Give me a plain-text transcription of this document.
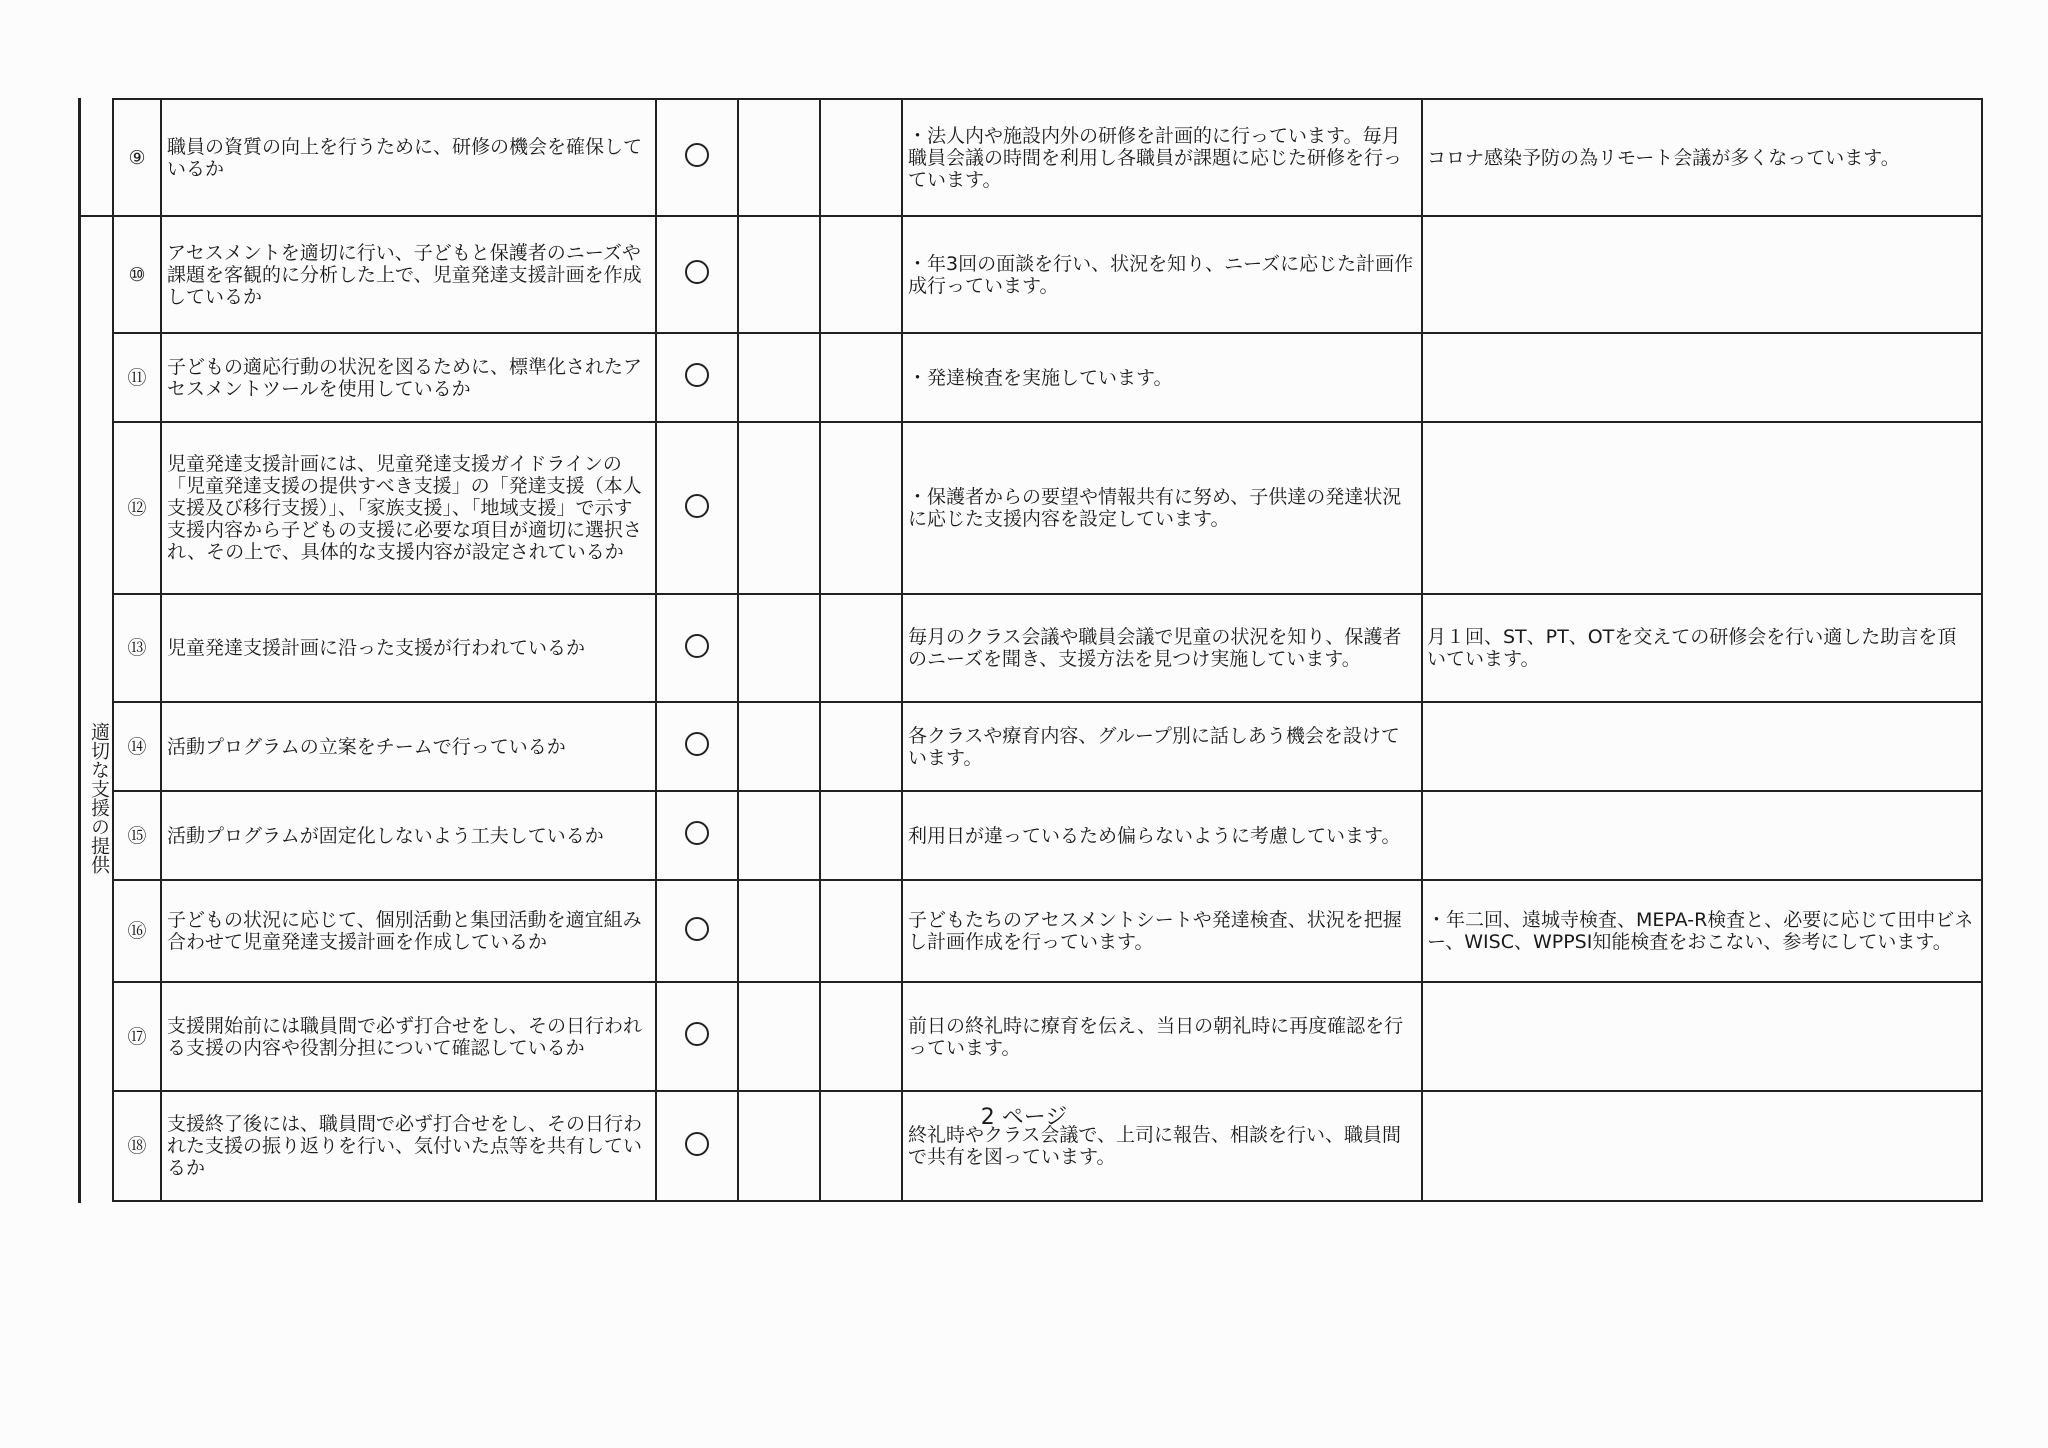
適切な支援の提供
⑨	職員の資質の向上を行うために、研修の機会を確保しているか				・法人内や施設内外の研修を計画的に行っています。毎月職員会議の時間を利用し各職員が課題に応じた研修を行っています。	コロナ感染予防の為リモート会議が多くなっています。
⑩	アセスメントを適切に行い、子どもと保護者のニーズや課題を客観的に分析した上で、児童発達支援計画を作成しているか				・年3回の面談を行い、状況を知り、ニーズに応じた計画作成行っています。	
⑪	子どもの適応行動の状況を図るために、標準化されたアセスメントツールを使用しているか				・発達検査を実施しています。	
⑫	児童発達支援計画には、児童発達支援ガイドラインの「児童発達支援の提供すべき支援」の「発達支援（本人支援及び移行支援）」、「家族支援」、「地域支援」で示す支援内容から子どもの支援に必要な項目が適切に選択され、その上で、具体的な支援内容が設定されているか				・保護者からの要望や情報共有に努め、子供達の発達状況に応じた支援内容を設定しています。	
⑬	児童発達支援計画に沿った支援が行われているか				毎月のクラス会議や職員会議で児童の状況を知り、保護者のニーズを聞き、支援方法を見つけ実施しています。	月１回、ST、PT、OTを交えての研修会を行い適した助言を頂いています。
⑭	活動プログラムの立案をチームで行っているか				各クラスや療育内容、グループ別に話しあう機会を設けています。	
⑮	活動プログラムが固定化しないよう工夫しているか				利用日が違っているため偏らないように考慮しています。	
⑯	子どもの状況に応じて、個別活動と集団活動を適宜組み合わせて児童発達支援計画を作成しているか				子どもたちのアセスメントシートや発達検査、状況を把握し計画作成を行っています。	・年二回、遠城寺検査、MEPA-R検査と、必要に応じて田中ビネー、WISC、WPPSI知能検査をおこない、参考にしています。
⑰	支援開始前には職員間で必ず打合せをし、その日行われる支援の内容や役割分担について確認しているか				前日の終礼時に療育を伝え、当日の朝礼時に再度確認を行っています。	
⑱	支援終了後には、職員間で必ず打合せをし、その日行われた支援の振り返りを行い、気付いた点等を共有しているか				終礼時やクラス会議で、上司に報告、相談を行い、職員間で共有を図っています。	
2 ページ
